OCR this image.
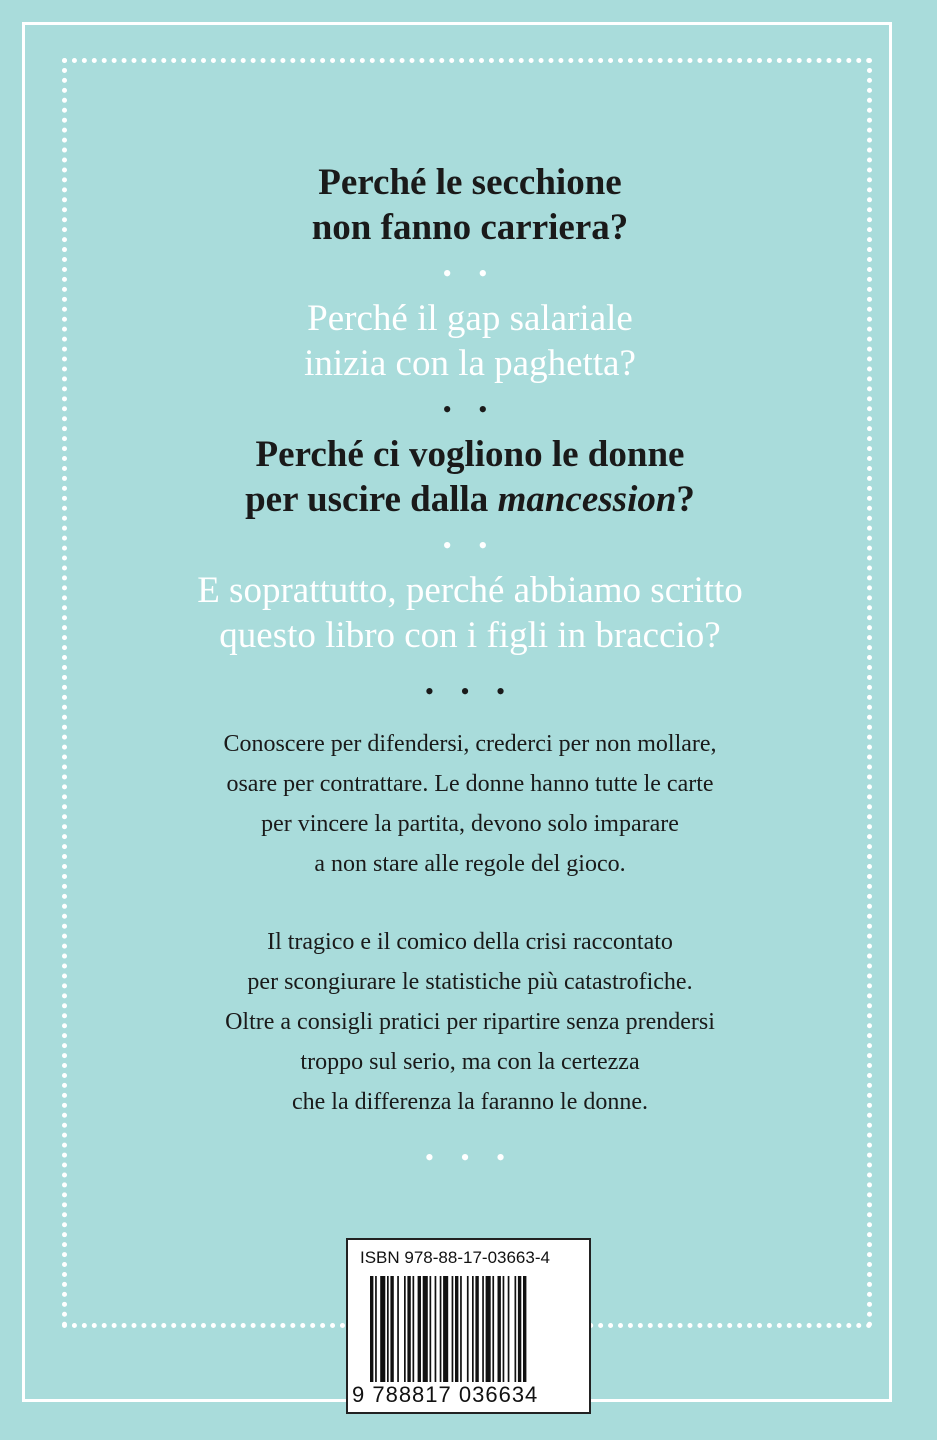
Perché le secchione
non fanno carriera?

• •

Perché il gap salariale
inizia con la paghetta?

• •

Perché ci vogliono le donne
per uscire dalla mancession?

• •

E soprattutto, perché abbiamo scritto
questo libro con i figli in braccio?

• • •

Conoscere per difendersi, crederci per non mollare,
osare per contrattare. Le donne hanno tutte le carte
per vincere la partita, devono solo imparare
a non stare alle regole del gioco.

Il tragico e il comico della crisi raccontato
per scongiurare le statistiche più catastrofiche.
Oltre a consigli pratici per ripartire senza prendersi
troppo sul serio, ma con la certezza
che la differenza la faranno le donne.

• • •
ISBN 978-88-17-03663-4
9 788817 036634
